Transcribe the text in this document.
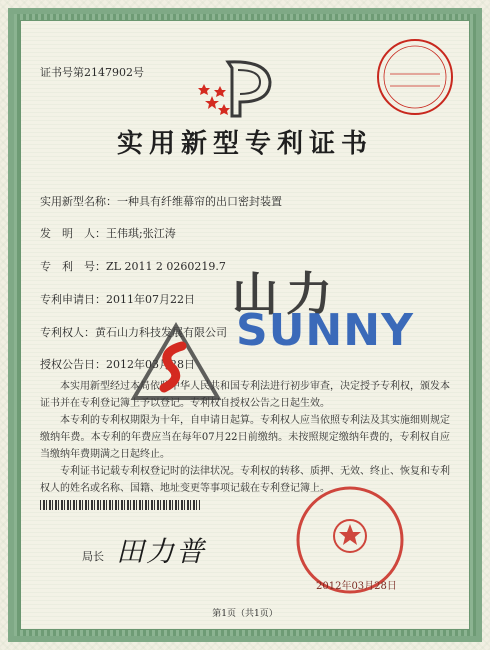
证书号第2147902号
实用新型专利证书
实用新型名称：一种具有纤维幕帘的出口密封装置
发　明　人：王伟琪;张江涛
专　利　号：ZL 2011 2 0260219.7
专利申请日：2011年07月22日
专利权人：黄石山力科技发展有限公司
授权公告日：2012年03月28日

本实用新型经过本局依照中华人民共和国专利法进行初步审查，决定授予专利权，颁发本证书并在专利登记簿上予以登记。专利权自授权公告之日起生效。

本专利的专利权期限为十年，自申请日起算。专利权人应当依照专利法及其实施细则规定缴纳年费。本专利的年费应当在每年07月22日前缴纳。未按照规定缴纳年费的，专利权自应当缴纳年费期满之日起终止。

专利证书记载专利权登记时的法律状况。专利权的转移、质押、无效、终止、恢复和专利权人的姓名或名称、国籍、地址变更等事项记载在专利登记簿上。

山力
SUNNY
局长 田力普
2012年03月28日
第1页（共1页）
